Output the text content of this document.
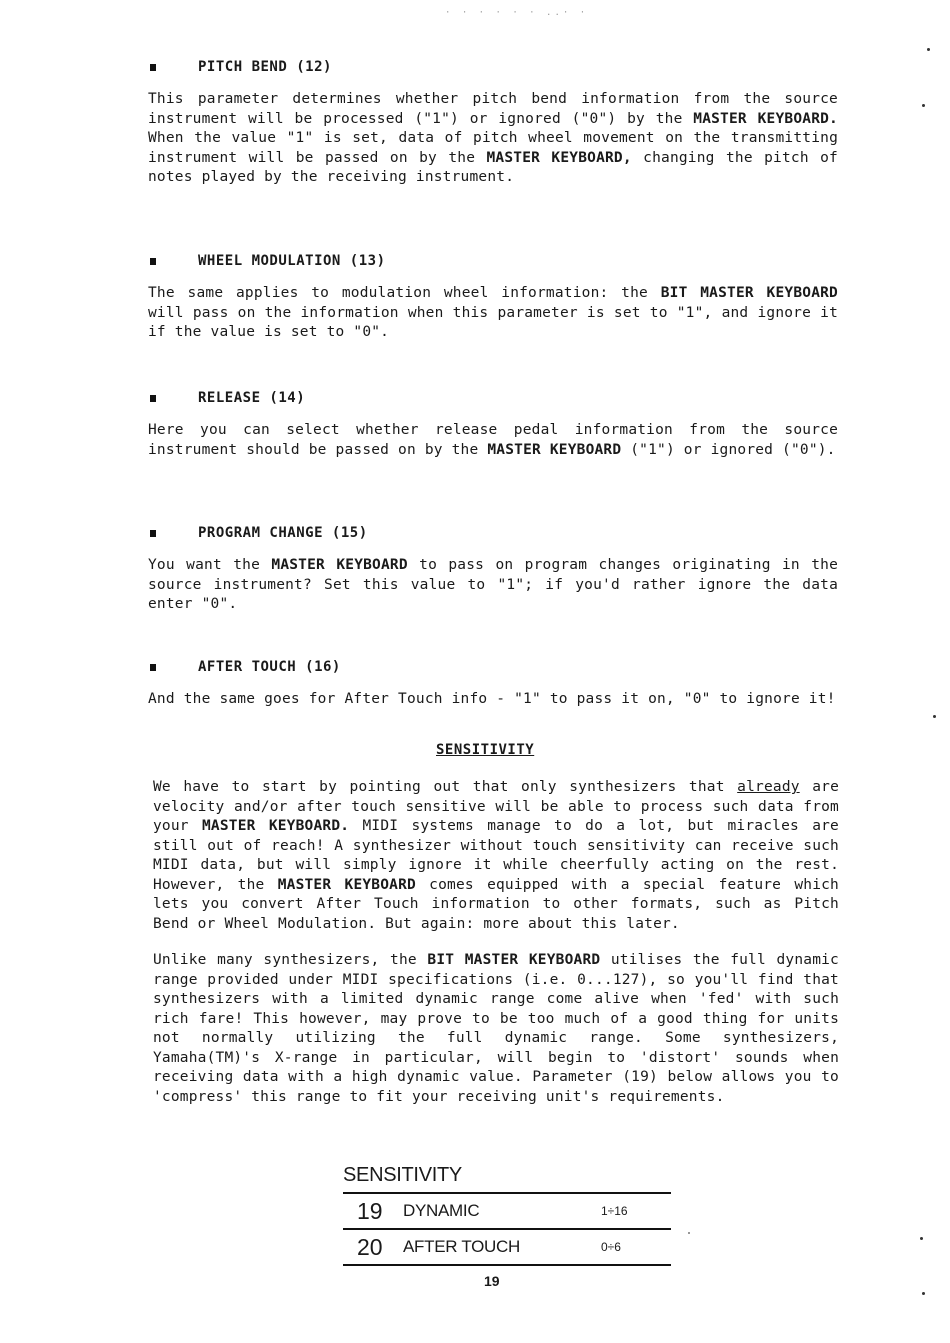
· · · · · · ..· ·
PITCH BEND (12)
This parameter determines whether pitch bend information from the source instrument will be processed ("1") or ignored ("0") by the MASTER KEYBOARD. When the value "1" is set, data of pitch wheel movement on the transmitting instrument will be passed on by the MASTER KEYBOARD, changing the pitch of notes played by the receiving instrument.
WHEEL MODULATION (13)
The same applies to modulation wheel information: the BIT MASTER KEYBOARD will pass on the information when this parameter is set to "1", and ignore it if the value is set to "0".
RELEASE (14)
Here you can select whether release pedal information from the source instrument should be passed on by the MASTER KEYBOARD ("1") or ignored ("0").
PROGRAM CHANGE (15)
You want the MASTER KEYBOARD to pass on program changes originating in the source instrument? Set this value to "1"; if you'd rather ignore the data enter "0".
AFTER TOUCH (16)
And the same goes for After Touch info - "1" to pass it on, "0" to ignore it!
SENSITIVITY
We have to start by pointing out that only synthesizers that already are velocity and/or after touch sensitive will be able to process such data from your MASTER KEYBOARD. MIDI systems manage to do a lot, but miracles are still out of reach! A synthesizer without touch sensitivity can receive such MIDI data, but will simply ignore it while cheerfully acting on the rest. However, the MASTER KEYBOARD comes equipped with a special feature which lets you convert After Touch information to other formats, such as Pitch Bend or Wheel Modulation. But again: more about this later.
Unlike many synthesizers, the BIT MASTER KEYBOARD utilises the full dynamic range provided under MIDI specifications (i.e. 0...127), so you'll find that synthesizers with a limited dynamic range come alive when 'fed' with such rich fare! This however, may prove to be too much of a good thing for units not normally utilizing the full dynamic range. Some synthesizers, Yamaha(TM)'s X-range in particular, will begin to 'distort' sounds when receiving data with a high dynamic value. Parameter (19) below allows you to 'compress' this range to fit your receiving unit's requirements.
SENSITIVITY
19	DYNAMIC	1÷16
20	AFTER TOUCH	0÷6
19
